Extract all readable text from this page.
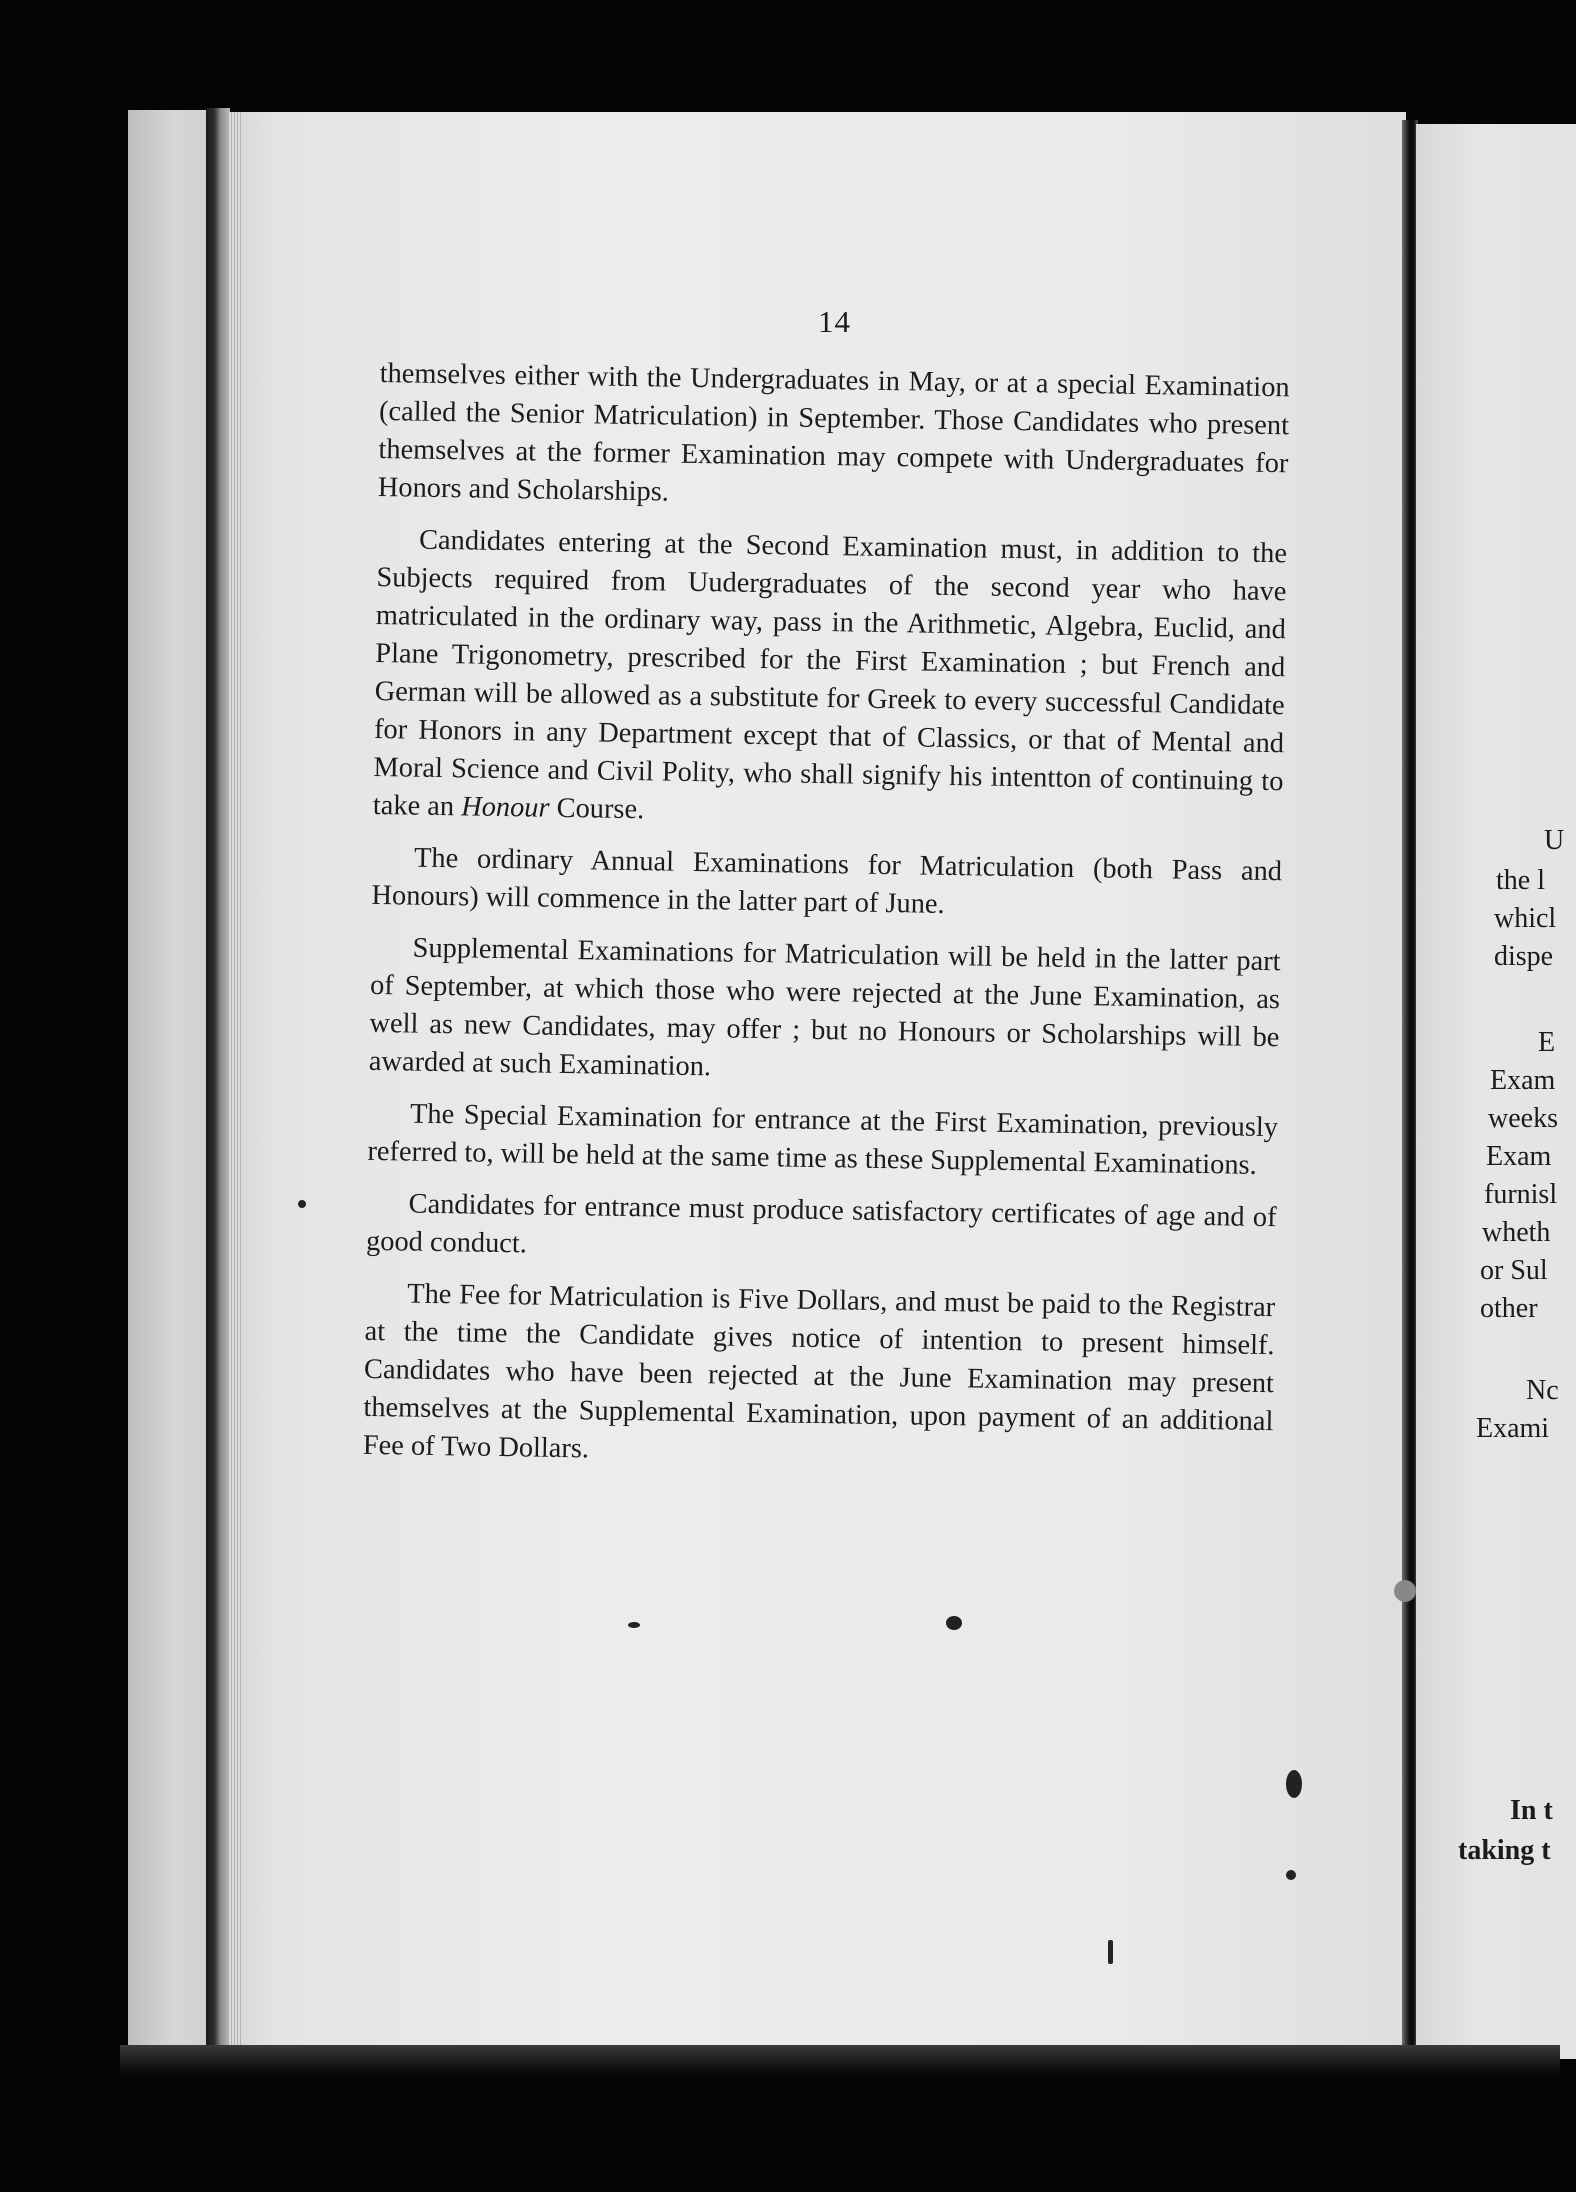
14

themselves either with the Undergraduates in May, or at a special Examination (called the Senior Matriculation) in September. Those Candidates who present themselves at the former Examination may compete with Undergraduates for Honors and Scholarships.

Candidates entering at the Second Examination must, in addition to the Subjects required from Uudergraduates of the second year who have matriculated in the ordinary way, pass in the Arithmetic, Algebra, Euclid, and Plane Trigonometry, prescribed for the First Examination ; but French and German will be allowed as a substitute for Greek to every successful Candidate for Honors in any Department except that of Classics, or that of Mental and Moral Science and Civil Polity, who shall signify his intentton of continuing to take an Honour Course.

The ordinary Annual Examinations for Matriculation (both Pass and Honours) will commence in the latter part of June.

Supplemental Examinations for Matriculation will be held in the latter part of September, at which those who were rejected at the June Examination, as well as new Candidates, may offer ; but no Honours or Scholarships will be awarded at such Examination.

The Special Examination for entrance at the First Examination, previously referred to, will be held at the same time as these Supplemental Examinations.

Candidates for entrance must produce satisfactory certificates of age and of good conduct.

The Fee for Matriculation is Five Dollars, and must be paid to the Registrar at the time the Candidate gives notice of intention to present himself. Candidates who have been rejected at the June Examination may present themselves at the Supplemental Examination, upon payment of an additional Fee of Two Dollars.

U
the l
whicl
dispe
E
Exam
weeks
Exam
furnisl
wheth
or Sul
other
Nc
Exami
In t
taking t
